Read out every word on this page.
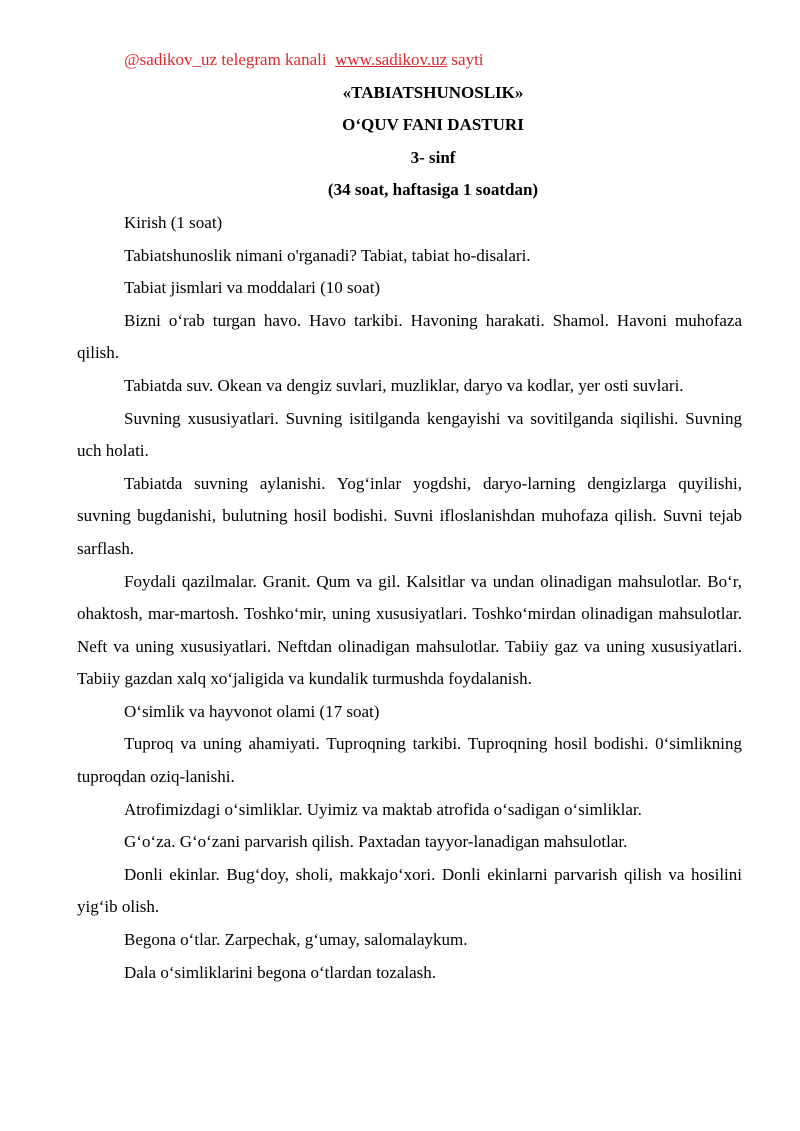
@sadikov_uz telegram kanali www.sadikov.uz sayti

«TABIATSHUNOSLIK»

O‘QUV FANI DASTURI

3- sinf

(34 soat, haftasiga 1 soatdan)

Kirish (1 soat)

Tabiatshunoslik nimani o'rganadi? Tabiat, tabiat ho-disalari.

Tabiat jismlari va moddalari (10 soat)

Bizni o‘rab turgan havo. Havo tarkibi. Havoning harakati. Shamol. Havoni muhofaza qilish.

Tabiatda suv. Okean va dengiz suvlari, muzliklar, daryo va kodlar, yer osti suvlari.

Suvning xususiyatlari. Suvning isitilganda kengayishi va sovitilganda siqilishi. Suvning uch holati.

Tabiatda suvning aylanishi. Yog‘inlar yogdshi, daryo-larning dengizlarga quyilishi, suvning bugdanishi, bulutning hosil bodishi. Suvni ifloslanishdan muhofaza qilish. Suvni tejab sarflash.

Foydali qazilmalar. Granit. Qum va gil. Kalsitlar va undan olinadigan mahsulotlar. Bo‘r, ohaktosh, mar-martosh. Toshko‘mir, uning xususiyatlari. Toshko‘mirdan olinadigan mahsulotlar. Neft va uning xususiyatlari. Neftdan olinadigan mahsulotlar. Tabiiy gaz va uning xususiyatlari. Tabiiy gazdan xalq xo‘jaligida va kundalik turmushda foydalanish.

O‘simlik va hayvonot olami (17 soat)

Tuproq va uning ahamiyati. Tuproqning tarkibi. Tuproqning hosil bodishi. 0‘simlikning tuproqdan oziq-lanishi.

Atrofimizdagi o‘simliklar. Uyimiz va maktab atrofida o‘sadigan o‘simliklar.

G‘o‘za. G‘o‘zani parvarish qilish. Paxtadan tayyor-lanadigan mahsulotlar.

Donli ekinlar. Bug‘doy, sholi, makkajo‘xori. Donli ekinlarni parvarish qilish va hosilini yig‘ib olish.

Begona o‘tlar. Zarpechak, g‘umay, salomalaykum.

Dala o‘simliklarini begona o‘tlardan tozalash.
